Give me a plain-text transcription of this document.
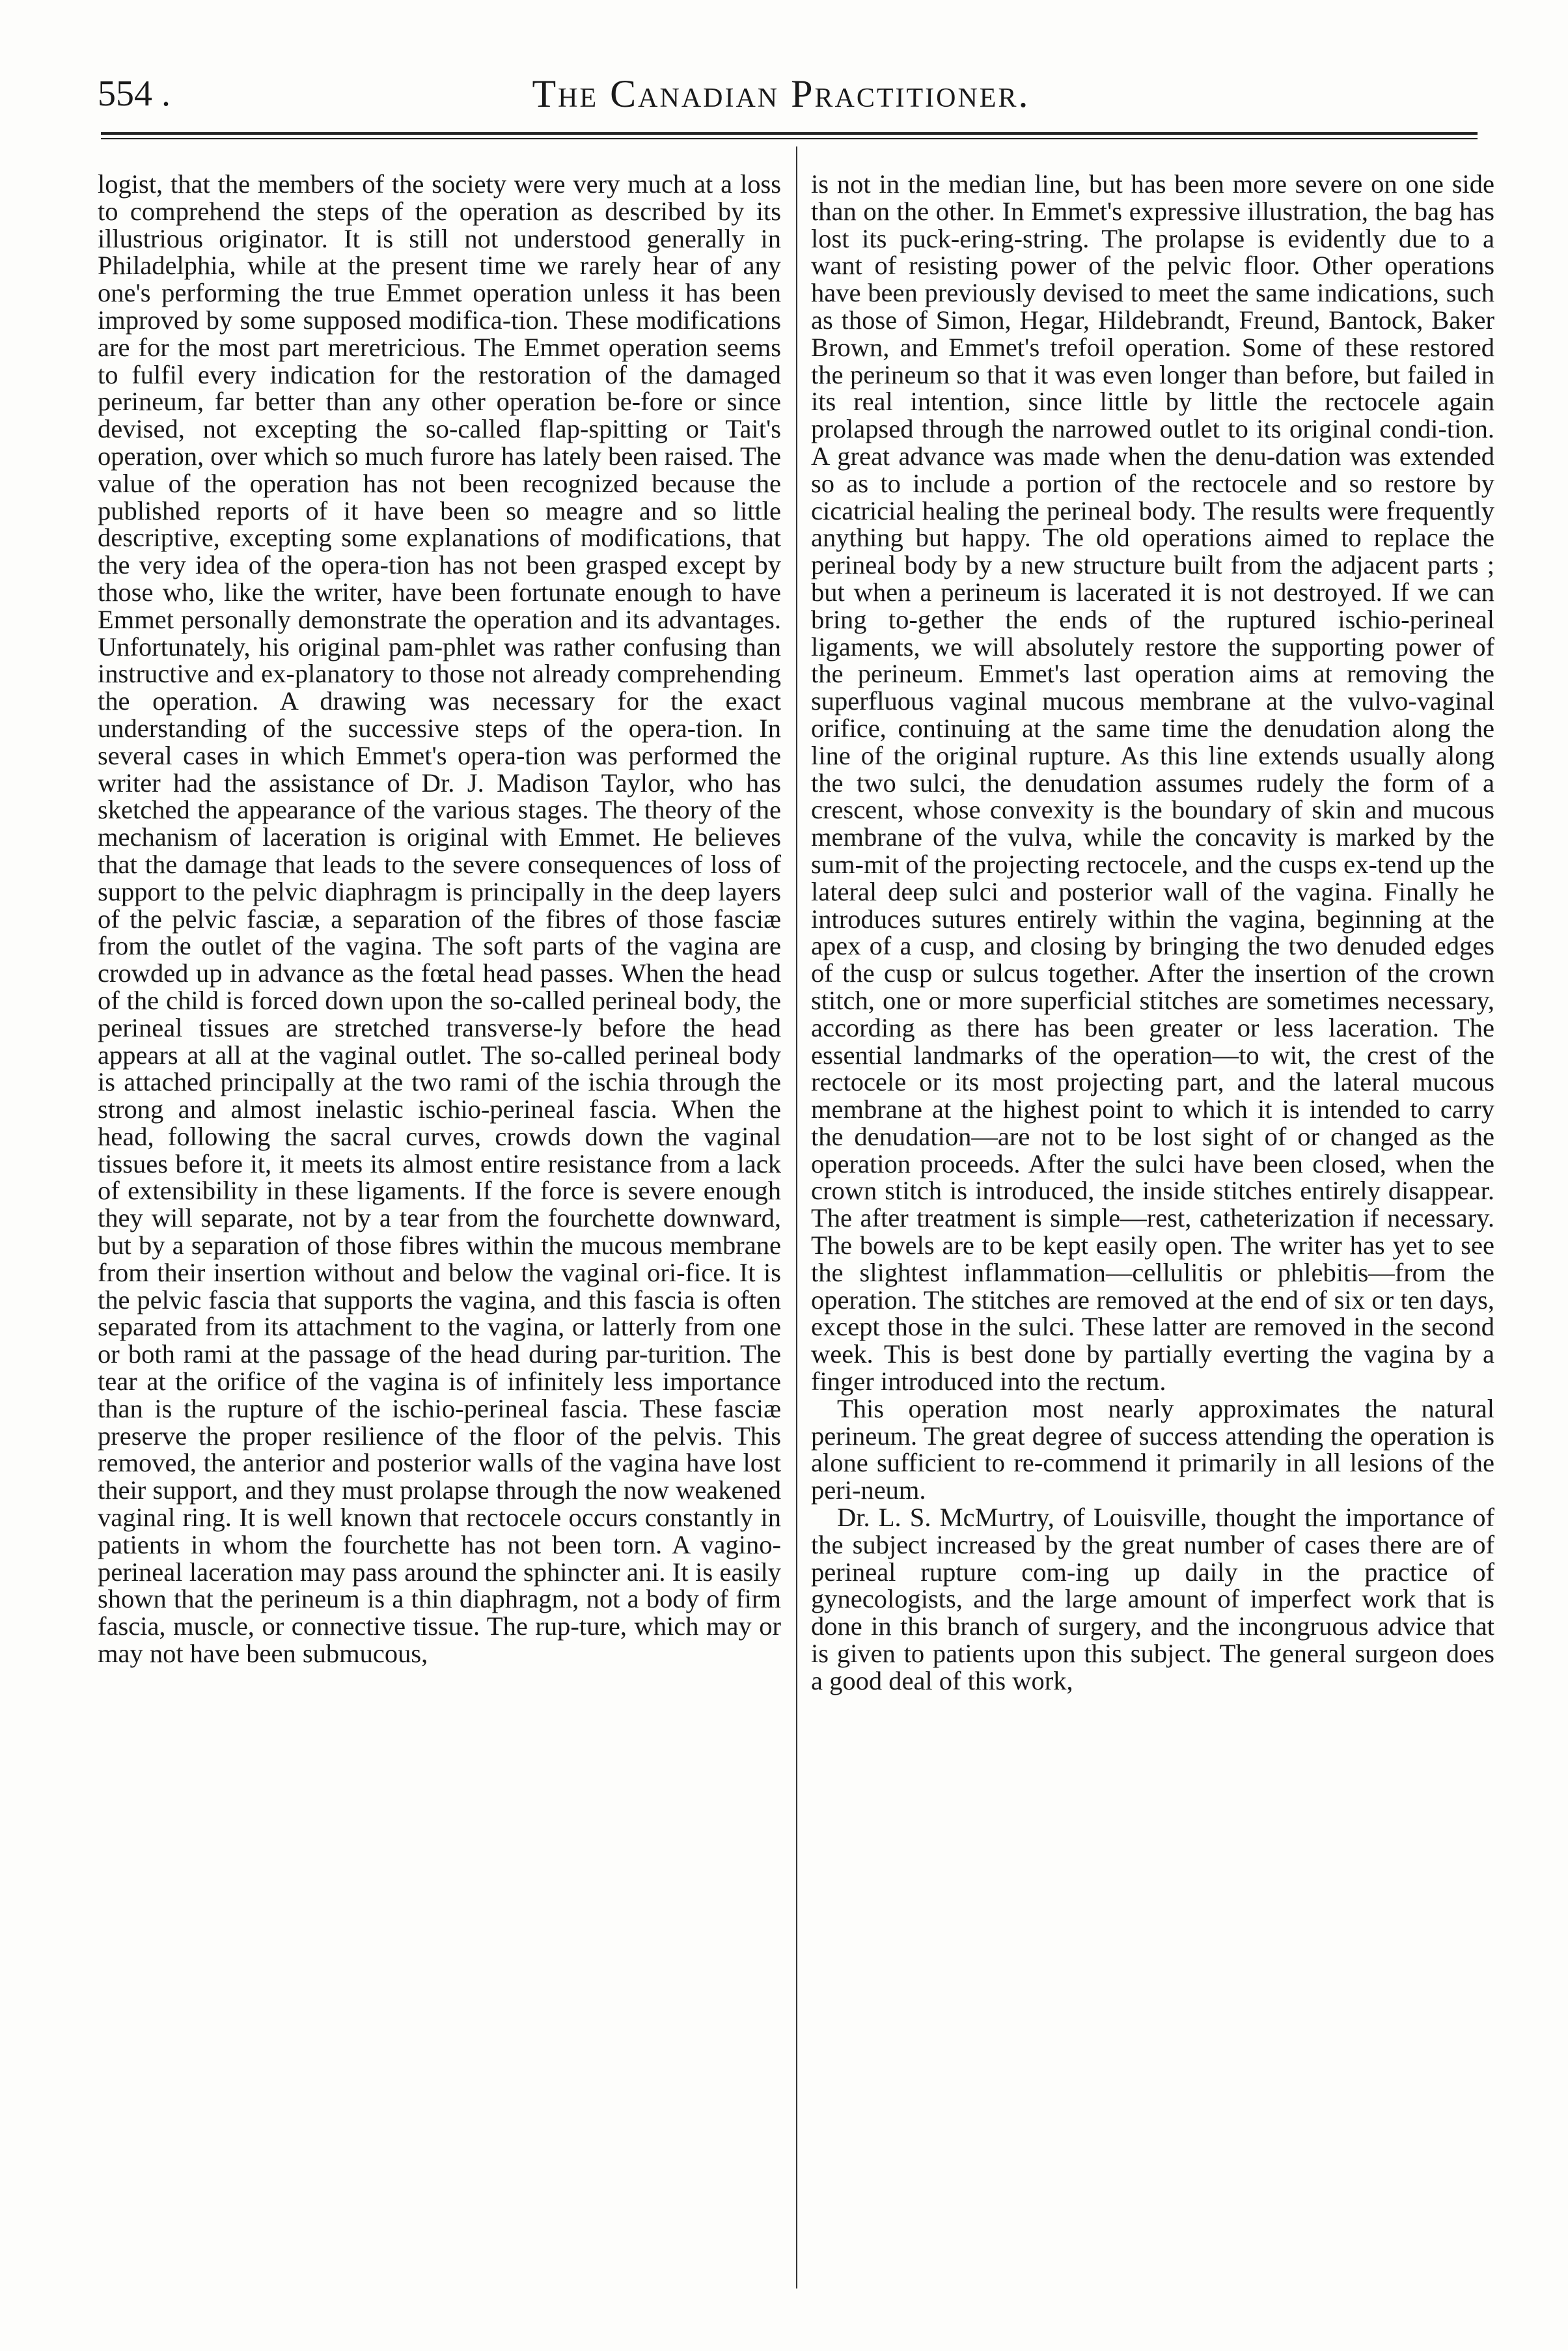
554 .	The Canadian Practitioner.

logist, that the members of the society were very much at a loss to comprehend the steps of the operation as described by its illustrious originator. It is still not understood generally in Philadelphia, while at the present time we rarely hear of any one's performing the true Emmet operation unless it has been improved by some supposed modifica-tion. These modifications are for the most part meretricious. The Emmet operation seems to fulfil every indication for the restoration of the damaged perineum, far better than any other operation be-fore or since devised, not excepting the so-called flap-spitting or Tait's operation, over which so much furore has lately been raised. The value of the operation has not been recognized because the published reports of it have been so meagre and so little descriptive, excepting some explanations of modifications, that the very idea of the opera-tion has not been grasped except by those who, like the writer, have been fortunate enough to have Emmet personally demonstrate the operation and its advantages. Unfortunately, his original pam-phlet was rather confusing than instructive and ex-planatory to those not already comprehending the operation. A drawing was necessary for the exact understanding of the successive steps of the opera-tion. In several cases in which Emmet's opera-tion was performed the writer had the assistance of Dr. J. Madison Taylor, who has sketched the appearance of the various stages. The theory of the mechanism of laceration is original with Emmet. He believes that the damage that leads to the severe consequences of loss of support to the pelvic diaphragm is principally in the deep layers of the pelvic fasciæ, a separation of the fibres of those fasciæ from the outlet of the vagina. The soft parts of the vagina are crowded up in advance as the fœtal head passes. When the head of the child is forced down upon the so-called perineal body, the perineal tissues are stretched transverse-ly before the head appears at all at the vaginal outlet. The so-called perineal body is attached principally at the two rami of the ischia through the strong and almost inelastic ischio-perineal fascia. When the head, following the sacral curves, crowds down the vaginal tissues before it, it meets its almost entire resistance from a lack of extensibility in these ligaments. If the force is severe enough they will separate, not by a tear from the fourchette downward, but by a separation of those fibres within the mucous membrane from their insertion without and below the vaginal ori-fice. It is the pelvic fascia that supports the vagina, and this fascia is often separated from its attachment to the vagina, or latterly from one or both rami at the passage of the head during par-turition. The tear at the orifice of the vagina is of infinitely less importance than is the rupture of the ischio-perineal fascia. These fasciæ preserve the proper resilience of the floor of the pelvis. This removed, the anterior and posterior walls of the vagina have lost their support, and they must prolapse through the now weakened vaginal ring. It is well known that rectocele occurs constantly in patients in whom the fourchette has not been torn. A vagino-perineal laceration may pass around the sphincter ani. It is easily shown that the perineum is a thin diaphragm, not a body of firm fascia, muscle, or connective tissue. The rup-ture, which may or may not have been submucous,

is not in the median line, but has been more severe on one side than on the other. In Emmet's expressive illustration, the bag has lost its puck-ering-string. The prolapse is evidently due to a want of resisting power of the pelvic floor. Other operations have been previously devised to meet the same indications, such as those of Simon, Hegar, Hildebrandt, Freund, Bantock, Baker Brown, and Emmet's trefoil operation. Some of these restored the perineum so that it was even longer than before, but failed in its real intention, since little by little the rectocele again prolapsed through the narrowed outlet to its original condi-tion. A great advance was made when the denu-dation was extended so as to include a portion of the rectocele and so restore by cicatricial healing the perineal body. The results were frequently anything but happy. The old operations aimed to replace the perineal body by a new structure built from the adjacent parts ; but when a perineum is lacerated it is not destroyed. If we can bring to-gether the ends of the ruptured ischio-perineal ligaments, we will absolutely restore the supporting power of the perineum. Emmet's last operation aims at removing the superfluous vaginal mucous membrane at the vulvo-vaginal orifice, continuing at the same time the denudation along the line of the original rupture. As this line extends usually along the two sulci, the denudation assumes rudely the form of a crescent, whose convexity is the boundary of skin and mucous membrane of the vulva, while the concavity is marked by the sum-mit of the projecting rectocele, and the cusps ex-tend up the lateral deep sulci and posterior wall of the vagina. Finally he introduces sutures entirely within the vagina, beginning at the apex of a cusp, and closing by bringing the two denuded edges of the cusp or sulcus together. After the insertion of the crown stitch, one or more superficial stitches are sometimes necessary, according as there has been greater or less laceration. The essential landmarks of the operation—to wit, the crest of the rectocele or its most projecting part, and the lateral mucous membrane at the highest point to which it is intended to carry the denudation—are not to be lost sight of or changed as the operation proceeds. After the sulci have been closed, when the crown stitch is introduced, the inside stitches entirely disappear. The after treatment is simple—rest, catheterization if necessary. The bowels are to be kept easily open. The writer has yet to see the slightest inflammation—cellulitis or phlebitis—from the operation. The stitches are removed at the end of six or ten days, except those in the sulci. These latter are removed in the second week. This is best done by partially everting the vagina by a finger introduced into the rectum.

This operation most nearly approximates the natural perineum. The great degree of success attending the operation is alone sufficient to re-commend it primarily in all lesions of the peri-neum.

Dr. L. S. McMurtry, of Louisville, thought the importance of the subject increased by the great number of cases there are of perineal rupture com-ing up daily in the practice of gynecologists, and the large amount of imperfect work that is done in this branch of surgery, and the incongruous advice that is given to patients upon this subject. The general surgeon does a good deal of this work,
